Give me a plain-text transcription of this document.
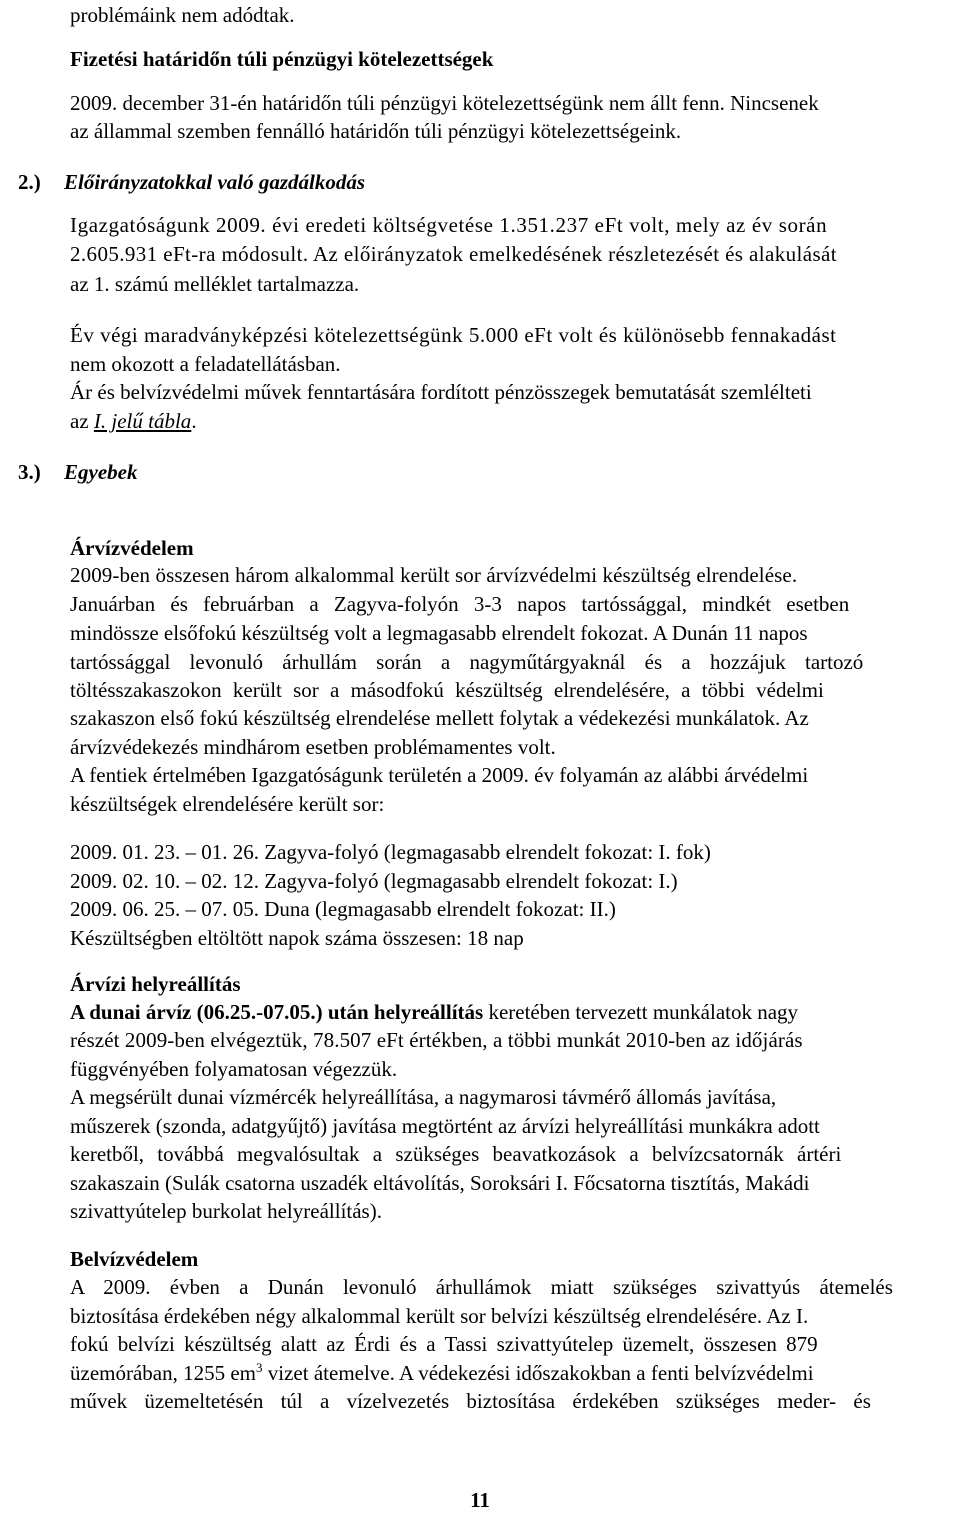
problémáink nem adódtak.
Fizetési határidőn túli pénzügyi kötelezettségek
2009. december 31-én határidőn túli pénzügyi kötelezettségünk nem állt fenn. Nincsenek
az állammal szemben fennálló határidőn túli pénzügyi kötelezettségeink.
2.) Előirányzatokkal való gazdálkodás
Igazgatóságunk 2009. évi eredeti költségvetése 1.351.237 eFt volt, mely az év során
2.605.931 eFt-ra módosult. Az előirányzatok emelkedésének részletezését és alakulását
az 1. számú melléklet tartalmazza.
Év végi maradványképzési kötelezettségünk 5.000 eFt volt és különösebb fennakadást
nem okozott a feladatellátásban.
Ár és belvízvédelmi művek fenntartására fordított pénzösszegek bemutatását szemlélteti
az I. jelű tábla.
3.) Egyebek
Árvízvédelem
2009-ben összesen három alkalommal került sor árvízvédelmi készültség elrendelése.
Januárban és februárban a Zagyva-folyón 3-3 napos tartóssággal, mindkét esetben
mindössze elsőfokú készültség volt a legmagasabb elrendelt fokozat. A Dunán 11 napos
tartóssággal levonuló árhullám során a nagyműtárgyaknál és a hozzájuk tartozó
töltésszakaszokon került sor a másodfokú készültség elrendelésére, a többi védelmi
szakaszon első fokú készültség elrendelése mellett folytak a védekezési munkálatok. Az
árvízvédekezés mindhárom esetben problémamentes volt.
A fentiek értelmében Igazgatóságunk területén a 2009. év folyamán az alábbi árvédelmi
készültségek elrendelésére került sor:
2009. 01. 23. – 01. 26. Zagyva-folyó (legmagasabb elrendelt fokozat: I. fok)
2009. 02. 10. – 02. 12. Zagyva-folyó (legmagasabb elrendelt fokozat: I.)
2009. 06. 25. – 07. 05. Duna (legmagasabb elrendelt fokozat: II.)
Készültségben eltöltött napok száma összesen: 18 nap
Árvízi helyreállítás
A dunai árvíz (06.25.-07.05.) után helyreállítás keretében tervezett munkálatok nagy
részét 2009-ben elvégeztük, 78.507 eFt értékben, a többi munkát 2010-ben az időjárás
függvényében folyamatosan végezzük.
A megsérült dunai vízmércék helyreállítása, a nagymarosi távmérő állomás javítása,
műszerek (szonda, adatgyűjtő) javítása megtörtént az árvízi helyreállítási munkákra adott
keretből, továbbá megvalósultak a szükséges beavatkozások a belvízcsatornák ártéri
szakaszain (Sulák csatorna uszadék eltávolítás, Soroksári I. Főcsatorna tisztítás, Makádi
szivattyútelep burkolat helyreállítás).
Belvízvédelem
A 2009. évben a Dunán levonuló árhullámok miatt szükséges szivattyús átemelés
biztosítása érdekében négy alkalommal került sor belvízi készültség elrendelésére. Az I.
fokú belvízi készültség alatt az Érdi és a Tassi szivattyútelep üzemelt, összesen 879
üzemórában, 1255 $em^3$ vizet átemelve. A védekezési időszakokban a fenti belvízvédelmi
művek üzemeltetésén túl a vízelvezetés biztosítása érdekében szükséges meder- és
11
